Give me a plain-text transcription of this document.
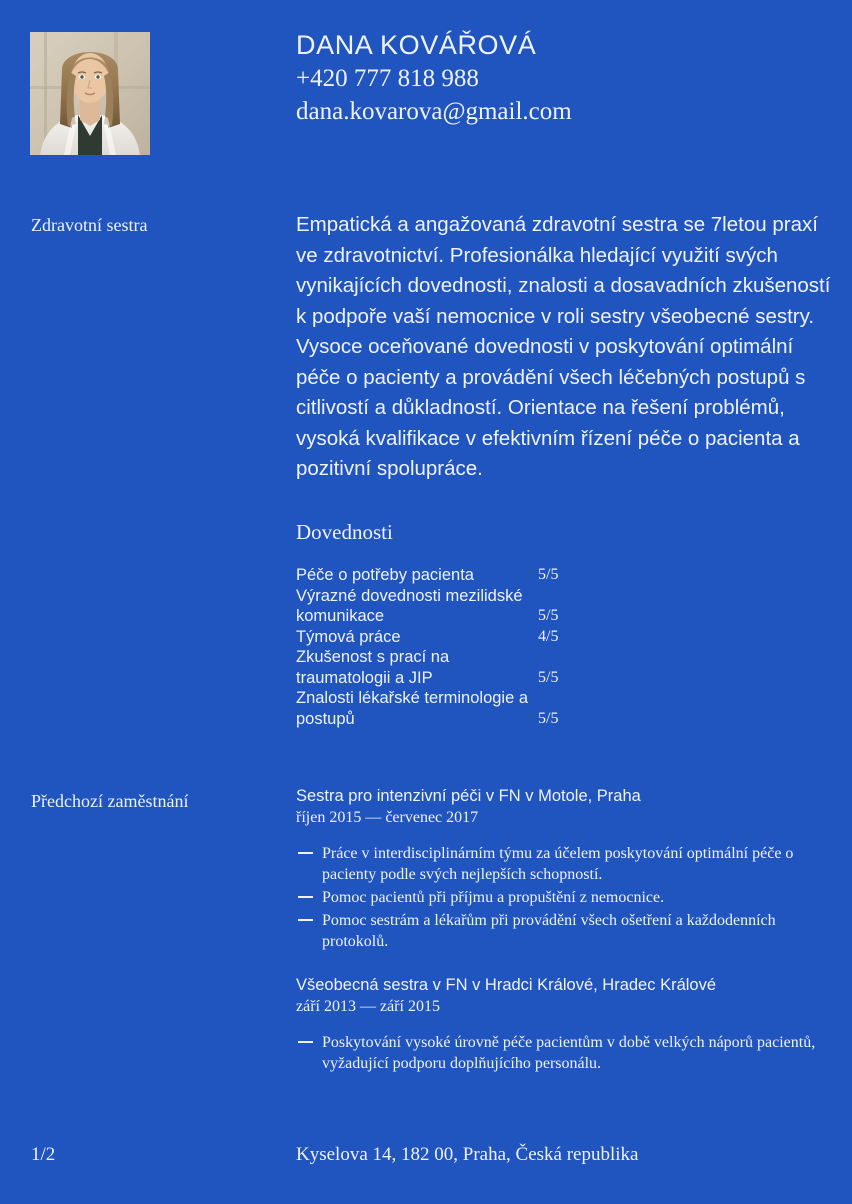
DANA KOVÁŘOVÁ
+420 777 818 988
dana.kovarova@gmail.com
Zdravotní sestra	Empatická a angažovaná zdravotní sestra se 7letou praxí ve zdravotnictví. Profesionálka hledající využití svých vynikajících dovednosti, znalosti a dosavadních zkušeností k podpoře vaší nemocnice v roli sestry všeobecné sestry. Vysoce oceňované dovednosti v poskytování optimální péče o pacienty a provádění všech léčebných postupů s citlivostí a důkladností. Orientace na řešení problémů, vysoká kvalifikace v efektivním řízení péče o pacienta a pozitivní spolupráce.
Dovednosti
Péče o potřeby pacienta	5/5
Výrazné dovednosti mezilidské komunikace	5/5
Týmová práce	4/5
Zkušenost s prací na traumatologii a JIP	5/5
Znalosti lékařské terminologie a postupů	5/5
Předchozí zaměstnání	Sestra pro intenzivní péči v FN v Motole, Praha
říjen 2015 — červenec 2017
Práce v interdisciplinárním týmu za účelem poskytování optimální péče o pacienty podle svých nejlepších schopností.
Pomoc pacientů při příjmu a propuštění z nemocnice.
Pomoc sestrám a lékařům při provádění všech ošetření a každodenních protokolů.
Všeobecná sestra v FN v Hradci Králové, Hradec Králové
září 2013 — září 2015
Poskytování vysoké úrovně péče pacientům v době velkých náporů pacientů, vyžadující podporu doplňujícího personálu.
1/2	Kyselova 14, 182 00, Praha, Česká republika
